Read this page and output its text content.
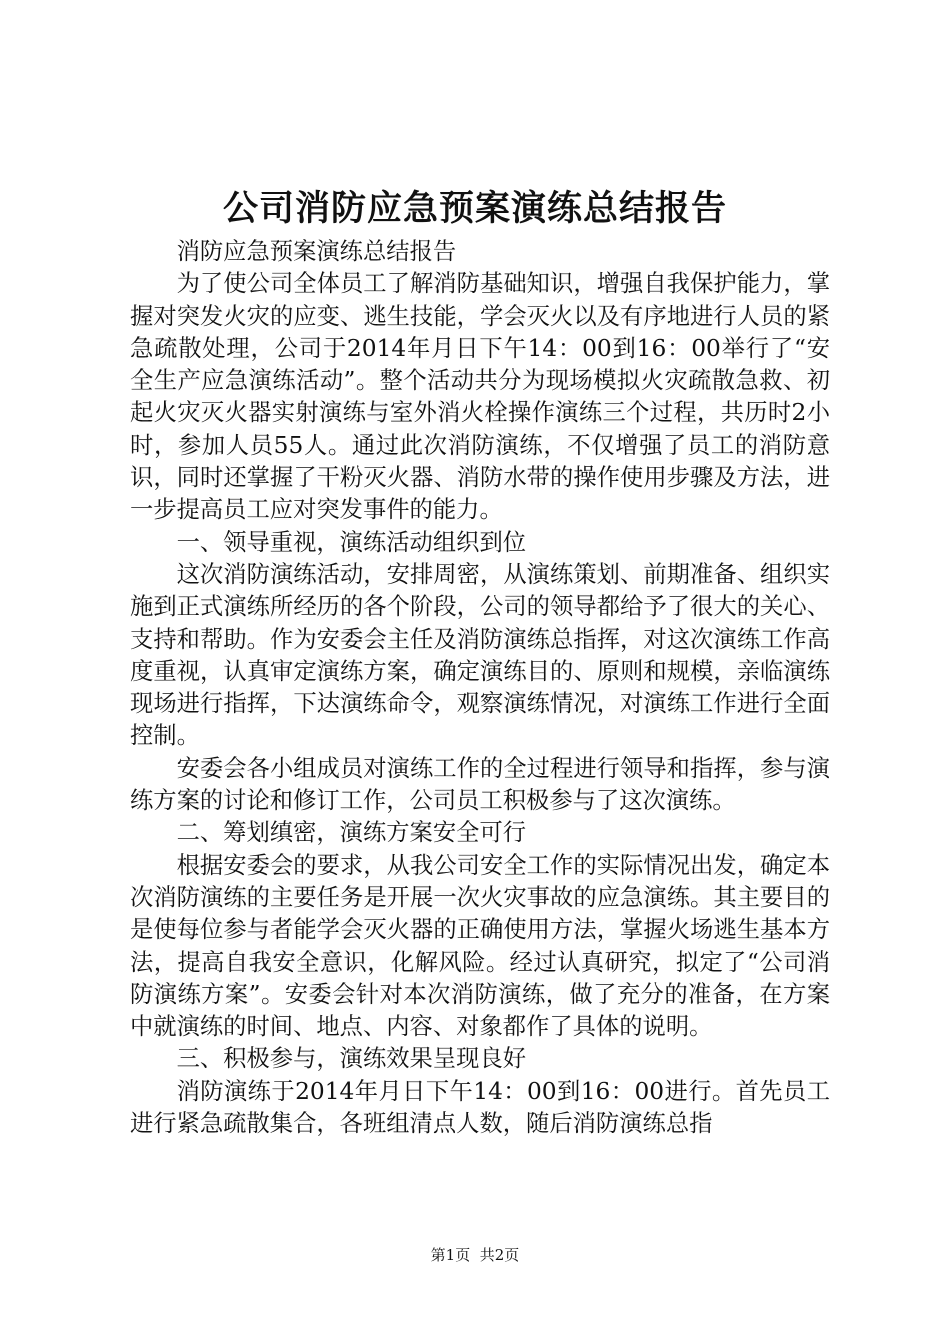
公司消防应急预案演练总结报告

消防应急预案演练总结报告

为了使公司全体员工了解消防基础知识，增强自我保护能力，掌握对突发火灾的应变、逃生技能，学会灭火以及有序地进行人员的紧急疏散处理，公司于2014年月日下午14：00到16：00举行了“安全生产应急演练活动”。整个活动共分为现场模拟火灾疏散急救、初起火灾灭火器实射演练与室外消火栓操作演练三个过程，共历时2小时，参加人员55人。通过此次消防演练，不仅增强了员工的消防意识，同时还掌握了干粉灭火器、消防水带的操作使用步骤及方法，进一步提高员工应对突发事件的能力。

一、领导重视，演练活动组织到位

这次消防演练活动，安排周密，从演练策划、前期准备、组织实施到正式演练所经历的各个阶段，公司的领导都给予了很大的关心、支持和帮助。作为安委会主任及消防演练总指挥，对这次演练工作高度重视，认真审定演练方案，确定演练目的、原则和规模，亲临演练现场进行指挥，下达演练命令，观察演练情况，对演练工作进行全面控制。

安委会各小组成员对演练工作的全过程进行领导和指挥，参与演练方案的讨论和修订工作，公司员工积极参与了这次演练。

二、筹划缜密，演练方案安全可行

根据安委会的要求，从我公司安全工作的实际情况出发，确定本次消防演练的主要任务是开展一次火灾事故的应急演练。其主要目的是使每位参与者能学会灭火器的正确使用方法，掌握火场逃生基本方法，提高自我安全意识，化解风险。经过认真研究，拟定了“公司消防演练方案”。安委会针对本次消防演练，做了充分的准备，在方案中就演练的时间、地点、内容、对象都作了具体的说明。

三、积极参与，演练效果呈现良好

消防演练于2014年月日下午14：00到16：00进行。首先员工进行紧急疏散集合，各班组清点人数，随后消防演练总指

第1页 共2页
